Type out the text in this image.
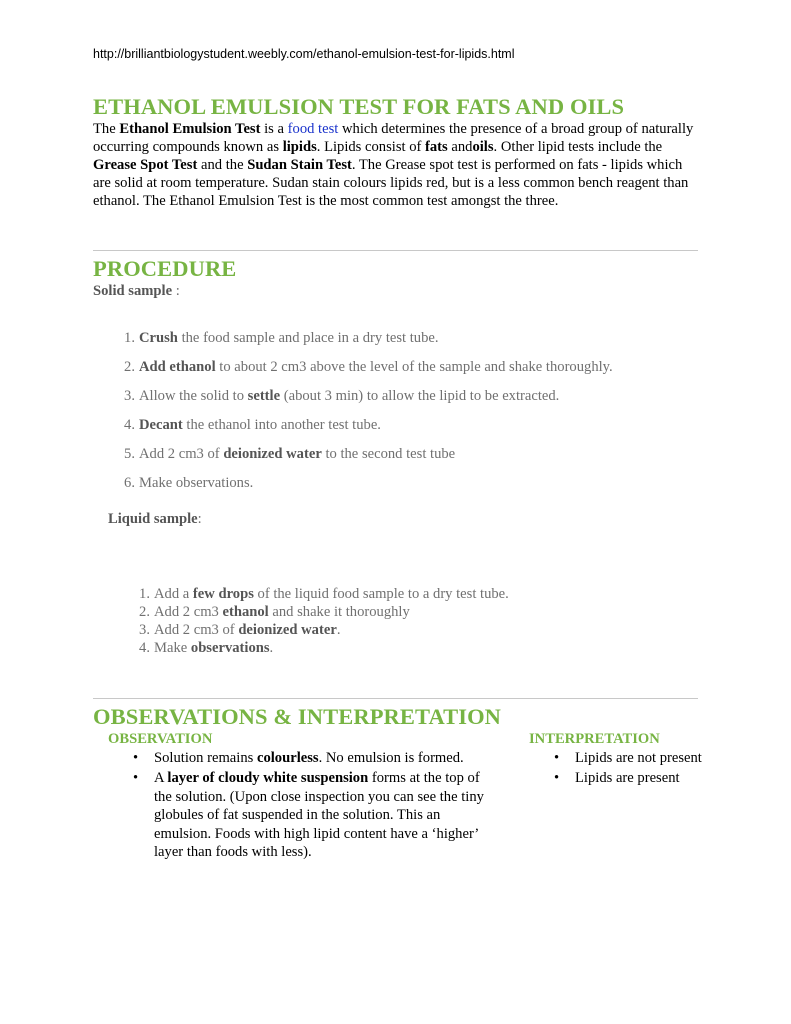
http://brilliantbiologystudent.weebly.com/ethanol-emulsion-test-for-lipids.html
ETHANOL EMULSION TEST FOR FATS AND OILS

The Ethanol Emulsion Test is a food test which determines the presence of a broad group of naturally occurring compounds known as lipids. Lipids consist of fats andoils. Other lipid tests include the Grease Spot Test and the Sudan Stain Test. The Grease spot test is performed on fats - lipids which are solid at room temperature. Sudan stain colours lipids red, but is a less common bench reagent than ethanol. The Ethanol Emulsion Test is the most common test amongst the three.

PROCEDURE
Solid sample :
1. Crush the food sample and place in a dry test tube.
2. Add ethanol to about 2 cm3 above the level of the sample and shake thoroughly.
3. Allow the solid to settle (about 3 min) to allow the lipid to be extracted.
4. Decant the ethanol into another test tube.
5. Add 2 cm3 of deionized water to the second test tube
6. Make observations.
Liquid sample:
1. Add a few drops of the liquid food sample to a dry test tube.
2. Add 2 cm3 ethanol and shake it thoroughly
3. Add 2 cm3 of deionized water.
4. Make observations.
OBSERVATIONS & INTERPRETATION
OBSERVATION	INTERPRETATION
• Solution remains colourless. No emulsion is formed.
• A layer of cloudy white suspension forms at the top of the solution. (Upon close inspection you can see the tiny globules of fat suspended in the solution. This an emulsion. Foods with high lipid content have a ‘higher’ layer than foods with less).
• Lipids are not present
• Lipids are present
